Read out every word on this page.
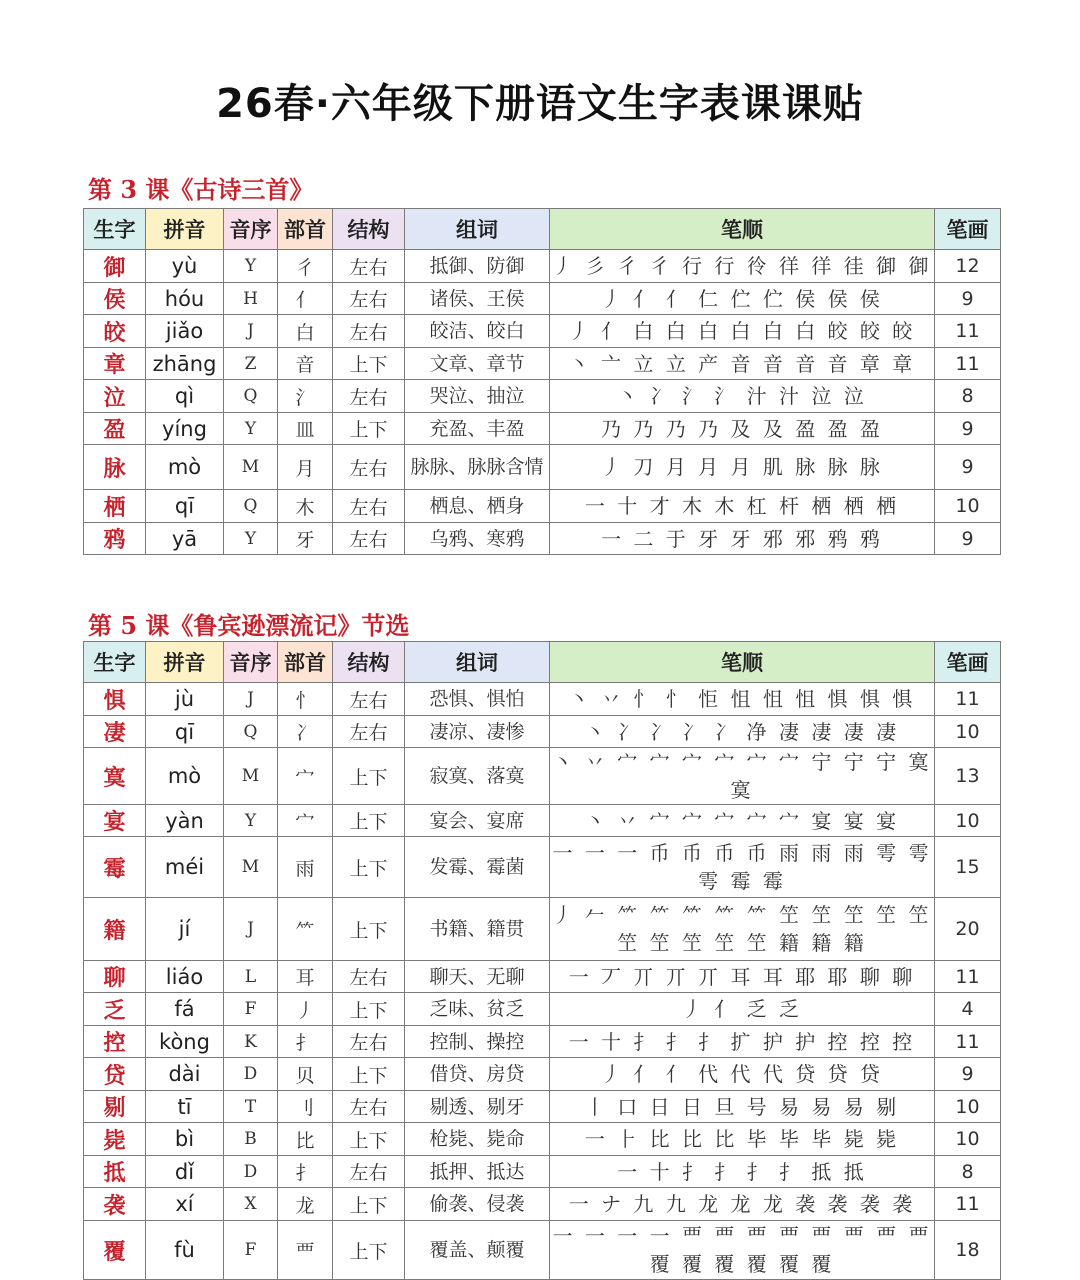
26春·六年级下册语文生字表课课贴
第 3 课《古诗三首》
生字	拼音	音序	部首	结构	组词	笔顺	笔画
御	yù	Y	彳	左右	抵御、防御	丿 彡 彳 彳 行 行 彾 徉 徉 徍 御 御	12
侯	hóu	H	亻	左右	诸侯、王侯	丿 亻 亻 仁 伫 伫 侯 侯 侯	9
皎	jiǎo	J	白	左右	皎洁、皎白	丿 亻 白 白 白 白 白 白 皎 皎 皎	11
章	zhāng	Z	音	上下	文章、章节	丶 亠 立 立 产 音 音 音 音 章 章	11
泣	qì	Q	氵	左右	哭泣、抽泣	丶 冫 氵 氵 汁 汁 泣 泣	8
盈	yíng	Y	皿	上下	充盈、丰盈	乃 乃 乃 乃 及 及 盈 盈 盈	9
脉	mò	M	月	左右	脉脉、脉脉含情	丿 刀 月 月 月 肌 脉 脉 脉	9
栖	qī	Q	木	左右	栖息、栖身	一 十 才 木 木 杠 杆 栖 栖 栖	10
鸦	yā	Y	牙	左右	乌鸦、寒鸦	一 二 于 牙 牙 邪 邪 鸦 鸦	9
第 5 课《鲁宾逊漂流记》节选
生字	拼音	音序	部首	结构	组词	笔顺	笔画
惧	jù	J	忄	左右	恐惧、惧怕	丶 丷 忄 忄 怇 怚 怚 怚 惧 惧 惧	11
凄	qī	Q	冫	左右	凄凉、凄惨	丶 冫 冫 冫 冫 净 凄 凄 凄 凄	10
寞	mò	M	宀	上下	寂寞、落寞	丶 丷 宀 宀 宀 宀 宀 宀 宁 宁 宁 寞 寞	13
宴	yàn	Y	宀	上下	宴会、宴席	丶 丷 宀 宀 宀 宀 宀 宴 宴 宴	10
霉	méi	M	雨	上下	发霉、霉菌	一 一 一 币 币 币 币 雨 雨 雨 雩 雩 雩 霉 霉	15
籍	jí	J	⺮	上下	书籍、籍贯	丿 𠂉 ⺮ ⺮ ⺮ ⺮ ⺮ 笁 笁 笁 笁 笁 笁 笁 笁 笁 笁 籍 籍 籍	20
聊	liáo	L	耳	左右	聊天、无聊	一 丆 丌 丌 丌 耳 耳 耶 耶 聊 聊	11
乏	fá	F	丿	上下	乏味、贫乏	丿 亻 乏 乏	4
控	kòng	K	扌	左右	控制、操控	一 十 扌 扌 扌 扩 护 护 控 控 控	11
贷	dài	D	贝	上下	借贷、房贷	丿 亻 亻 代 代 代 贷 贷 贷	9
剔	tī	T	刂	左右	剔透、剔牙	丨 口 日 日 旦 号 易 易 易 剔	10
毙	bì	B	比	上下	枪毙、毙命	一 ⺊ 比 比 比 毕 毕 毕 毙 毙	10
抵	dǐ	D	扌	左右	抵押、抵达	一 十 扌 扌 扌 扌 抵 抵	8
袭	xí	X	龙	上下	偷袭、侵袭	一 ナ 九 九 龙 龙 龙 袭 袭 袭 袭	11
覆	fù	F	覀	上下	覆盖、颠覆	一 一 一 一 覀 覀 覀 覀 覀 覀 覀 覀 覆 覆 覆 覆 覆 覆	18
